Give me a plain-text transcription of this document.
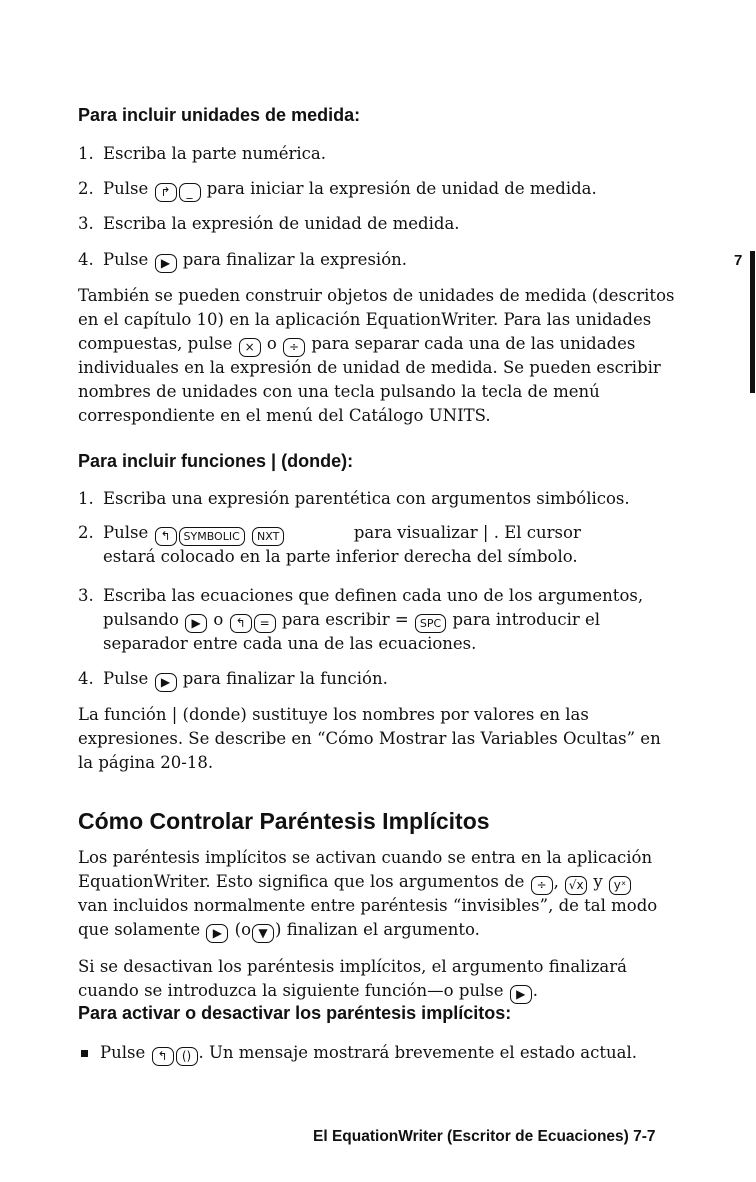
Para incluir unidades de medida:
1. Escriba la parte numérica.
2. Pulse ↱ _ para iniciar la expresión de unidad de medida.
3. Escriba la expresión de unidad de medida.
4. Pulse ▶ para finalizar la expresión.
También se pueden construir objetos de unidades de medida (descritos
en el capítulo 10) en la aplicación EquationWriter. Para las unidades
compuestas, pulse × o ÷ para separar cada una de las unidades
individuales en la expresión de unidad de medida. Se pueden escribir
nombres de unidades con una tecla pulsando la tecla de menú
correspondiente en el menú del Catálogo UNITS.
7
Para incluir funciones | (donde):
1. Escriba una expresión parentética con argumentos simbólicos.
2. Pulse ↰ SYMBOLIC NXT	para visualizar | . El cursor
estará colocado en la parte inferior derecha del símbolo.
3. Escriba las ecuaciones que definen cada uno de los argumentos,
pulsando ▶ o ↰ = para escribir = SPC para introducir el
separador entre cada una de las ecuaciones.
4. Pulse ▶ para finalizar la función.
La función | (donde) sustituye los nombres por valores en las
expresiones. Se describe en “Cómo Mostrar las Variables Ocultas” en
la página 20-18.
Cómo Controlar Paréntesis Implícitos
Los paréntesis implícitos se activan cuando se entra en la aplicación
EquationWriter. Esto significa que los argumentos de ÷ , √x y yˣ
van incluidos normalmente entre paréntesis “invisibles”, de tal modo
que solamente ▶ (o ▼ ) finalizan el argumento.
Si se desactivan los paréntesis implícitos, el argumento finalizará
cuando se introduzca la siguiente función—o pulse ▶ .
Para activar o desactivar los paréntesis implícitos:
Pulse ↰ () . Un mensaje mostrará brevemente el estado actual.
El EquationWriter (Escritor de Ecuaciones) 7-7
